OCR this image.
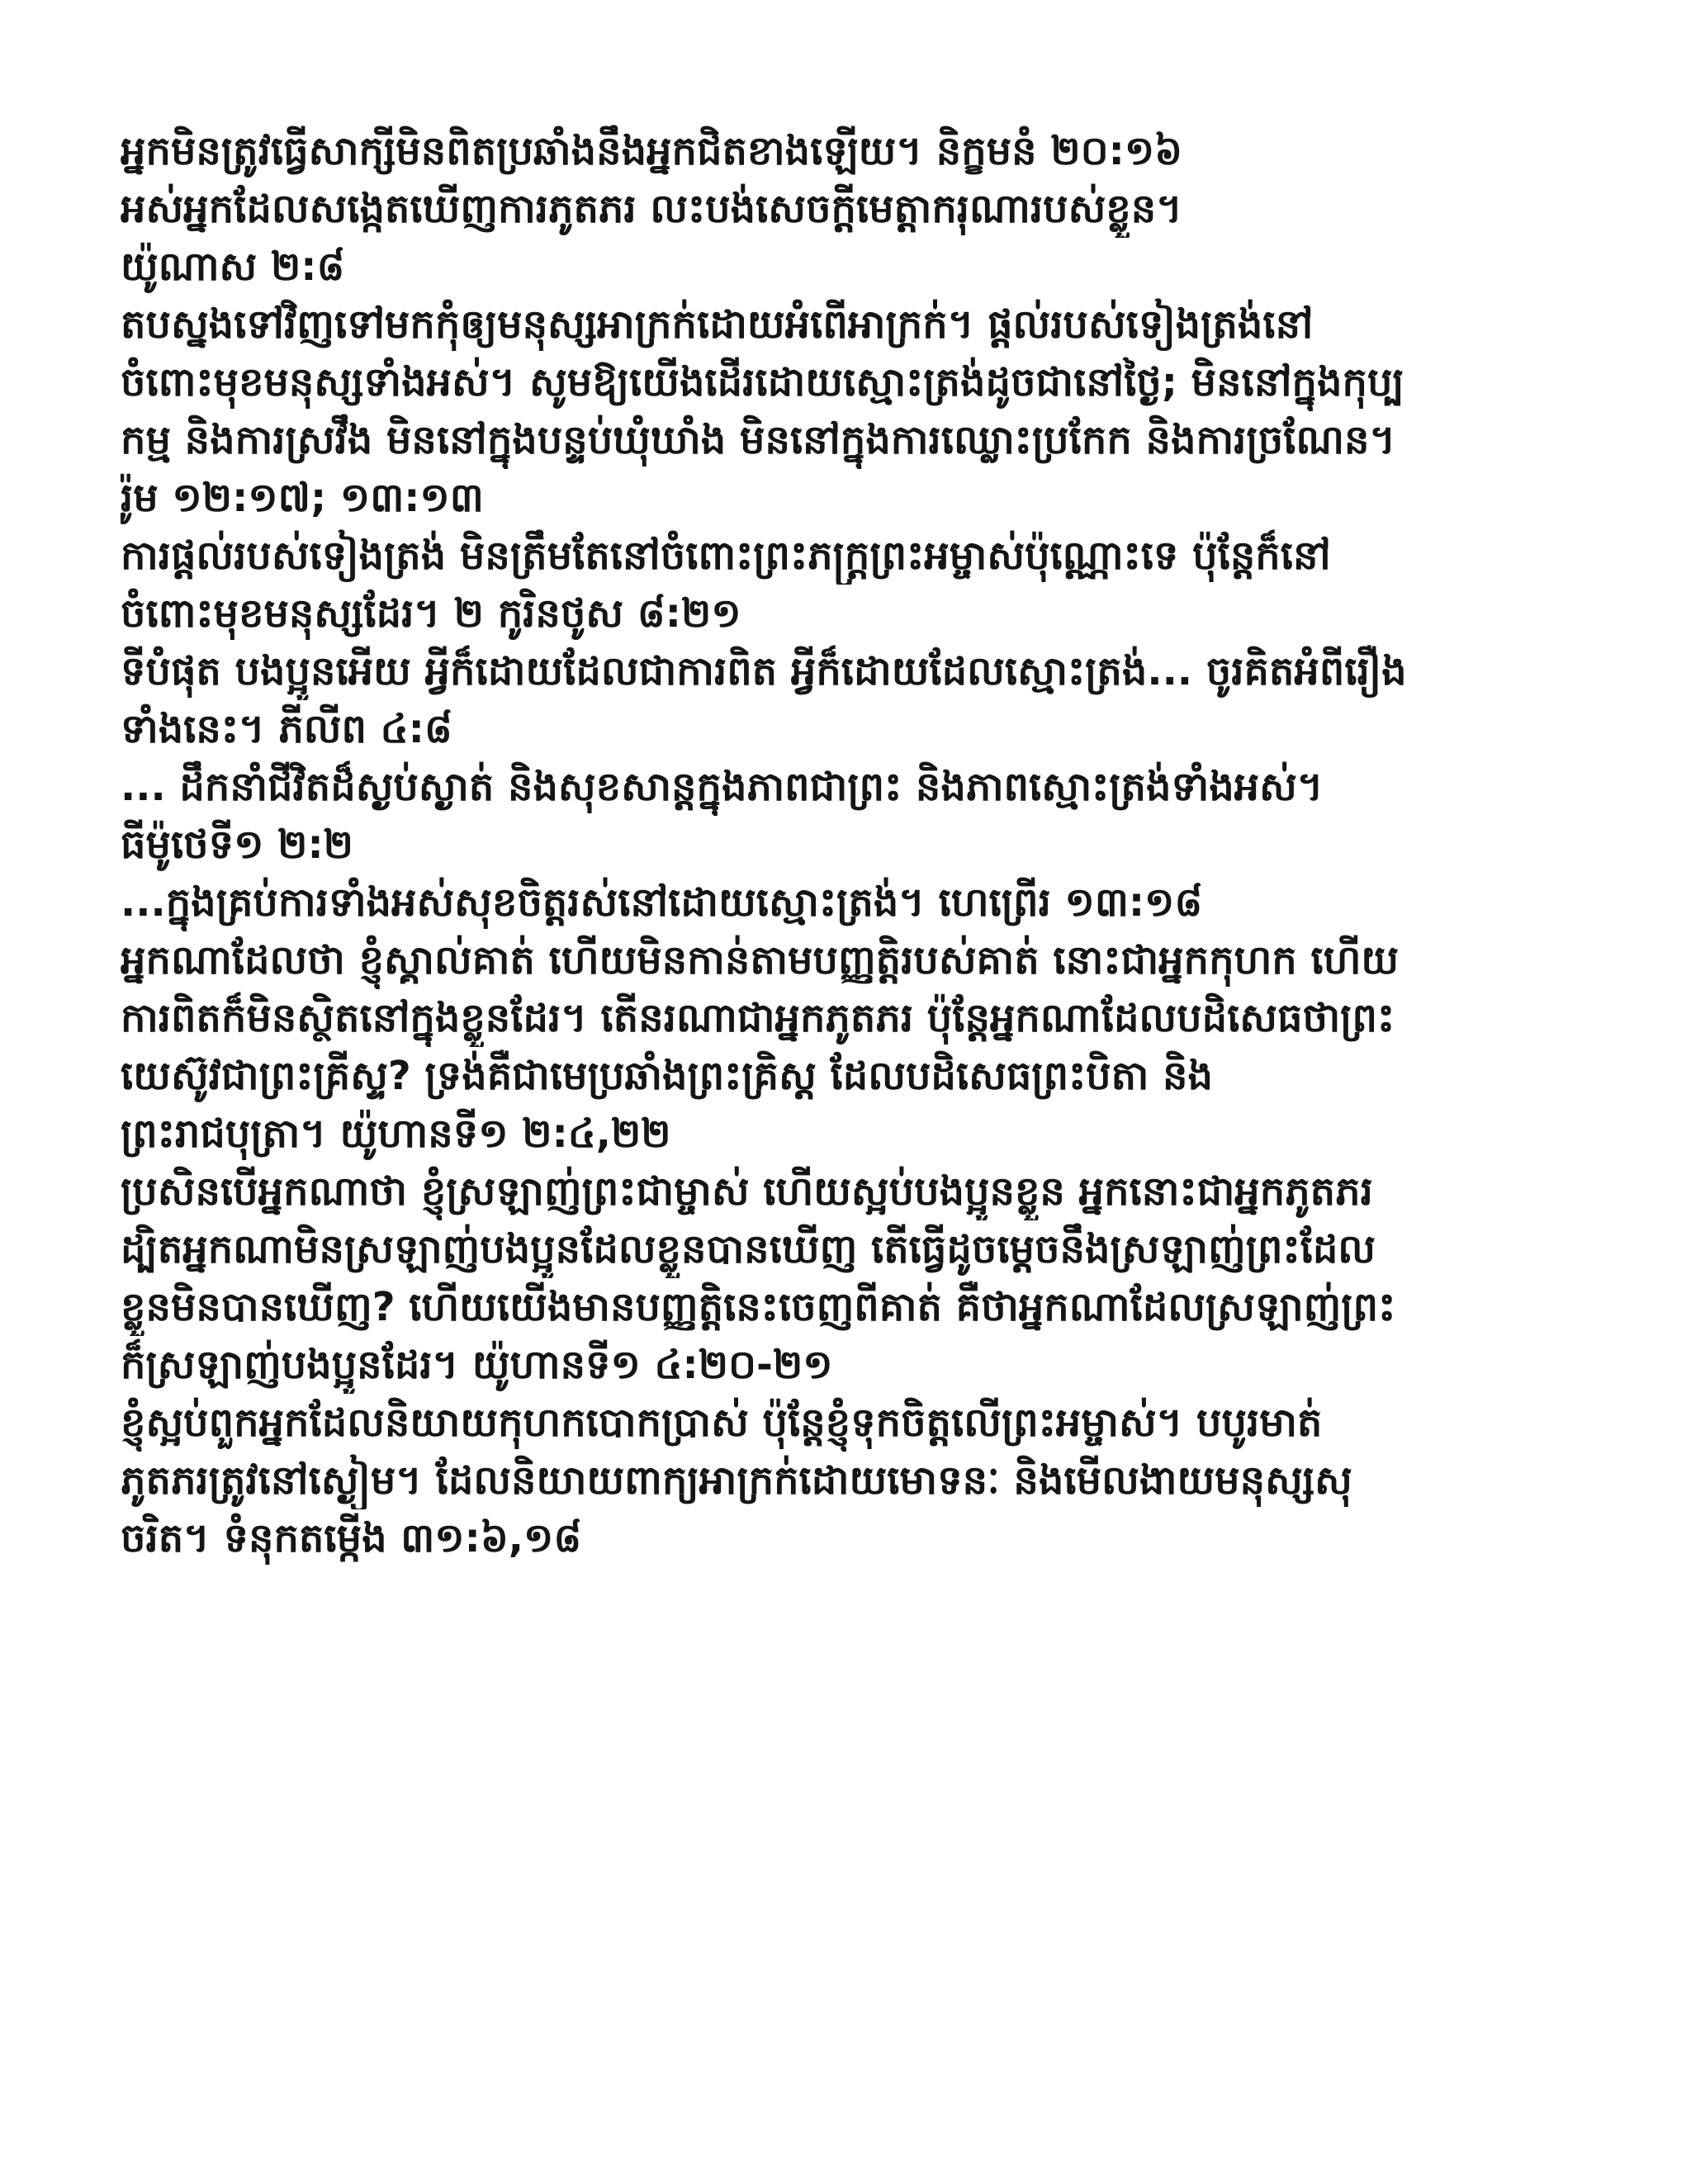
អ្នកមិនត្រូវធ្វើសាក្សីមិនពិតប្រឆាំងនឹងអ្នកជិតខាងឡើយ។ និក្ខមនំ ២០:១៦
អស់អ្នកដែលសង្កេតឃើញការភូតភរ លះបង់សេចក្តីមេត្តាករុណារបស់ខ្លួន។
យ៉ូណាស ២:៨
តបស្នងទៅវិញទៅមកកុំឲ្យមនុស្សអាក្រក់ដោយអំពើអាក្រក់។ ផ្តល់របស់ទៀងត្រង់នៅ
ចំពោះមុខមនុស្សទាំងអស់។ សូមឱ្យយើងដើរដោយស្មោះត្រង់ដូចជានៅថ្ងៃ; មិននៅក្នុងកុប្ប
កម្ម និងការស្រវឹង មិននៅក្នុងបន្ទប់ឃុំឃាំង មិននៅក្នុងការឈ្លោះប្រកែក និងការច្រណែន។
រ៉ូម ១២:១៧; ១៣:១៣
ការផ្តល់របស់ទៀងត្រង់ មិនត្រឹមតែនៅចំពោះព្រះភក្ត្រព្រះអម្ចាស់ប៉ុណ្ណោះទេ ប៉ុន្តែក៏នៅ
ចំពោះមុខមនុស្សដែរ។ ២ កូរិនថូស ៨:២១
ទីបំផុត បងប្អូនអើយ អ្វីក៏ដោយដែលជាការពិត អ្វីក៏ដោយដែលស្មោះត្រង់... ចូរគិតអំពីរឿង
ទាំងនេះ។ ភីលីព ៤:៨
... ដឹកនាំជីវិតដ៏ស្ងប់ស្ងាត់ និងសុខសាន្តក្នុងភាពជាព្រះ និងភាពស្មោះត្រង់ទាំងអស់។
ធីម៉ូថេទី១ ២:២
...ក្នុងគ្រប់ការទាំងអស់សុខចិត្តរស់នៅដោយស្មោះត្រង់។ ហេព្រើរ ១៣:១៨
អ្នកណាដែលថា ខ្ញុំស្គាល់គាត់ ហើយមិនកាន់តាមបញ្ញត្តិរបស់គាត់ នោះជាអ្នកកុហក ហើយ
ការពិតក៏មិនស្ថិតនៅក្នុងខ្លួនដែរ។ តើនរណាជាអ្នកភូតភរ ប៉ុន្តែអ្នកណាដែលបដិសេធថាព្រះ
យេស៊ូវជាព្រះគ្រីស្ទ? ទ្រង់គឺជាមេប្រឆាំងព្រះគ្រិស្ត ដែលបដិសេធព្រះបិតា និង
ព្រះរាជបុត្រា។ យ៉ូហានទី១ ២:៤,២២
ប្រសិនបើអ្នកណាថា ខ្ញុំស្រឡាញ់ព្រះជាម្ចាស់ ហើយស្អប់បងប្អូនខ្លួន អ្នកនោះជាអ្នកភូតភរ
ដ្បិតអ្នកណាមិនស្រឡាញ់បងប្អូនដែលខ្លួនបានឃើញ តើធ្វើដូចម្តេចនឹងស្រឡាញ់ព្រះដែល
ខ្លួនមិនបានឃើញ? ហើយយើងមានបញ្ញត្តិនេះចេញពីគាត់ គឺថាអ្នកណាដែលស្រឡាញ់ព្រះ
ក៏ស្រឡាញ់បងប្អូនដែរ។ យ៉ូហានទី១ ៤:២០-២១
ខ្ញុំស្អប់ពួកអ្នកដែលនិយាយកុហកបោកប្រាស់ ប៉ុន្តែខ្ញុំទុកចិត្តលើព្រះអម្ចាស់។ បបូរមាត់
ភូតភរត្រូវនៅស្ងៀម។ ដែលនិយាយពាក្យអាក្រក់ដោយមោទនៈ និងមើលងាយមនុស្សសុ
ចរិត។ ទំនុកតម្កើង ៣១:៦,១៨
